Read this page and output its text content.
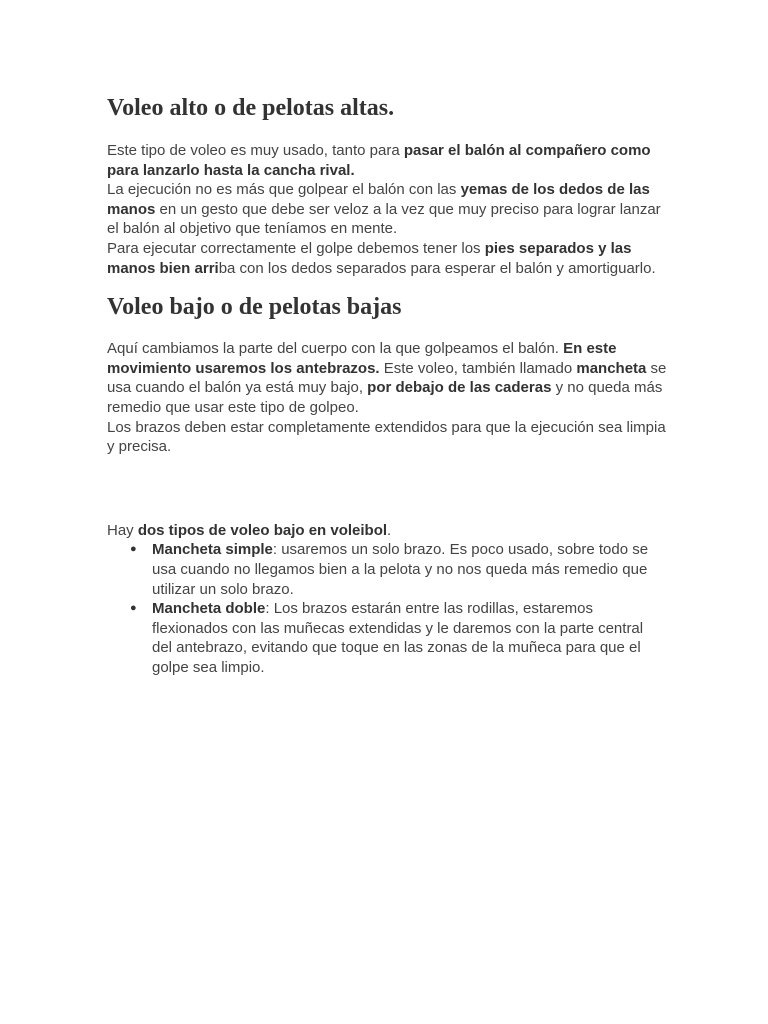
Voleo alto o de pelotas altas.

Este tipo de voleo es muy usado, tanto para pasar el balón al compañero como para lanzarlo hasta la cancha rival.

La ejecución no es más que golpear el balón con las yemas de los dedos de las manos en un gesto que debe ser veloz a la vez que muy preciso para lograr lanzar el balón al objetivo que teníamos en mente.

Para ejecutar correctamente el golpe debemos tener los pies separados y las manos bien arriba con los dedos separados para esperar el balón y amortiguarlo.

Voleo bajo o de pelotas bajas

Aquí cambiamos la parte del cuerpo con la que golpeamos el balón. En este movimiento usaremos los antebrazos. Este voleo, también llamado mancheta se usa cuando el balón ya está muy bajo, por debajo de las caderas y no queda más remedio que usar este tipo de golpeo.

Los brazos deben estar completamente extendidos para que la ejecución sea limpia y precisa.

Hay dos tipos de voleo bajo en voleibol.

● Mancheta simple: usaremos un solo brazo. Es poco usado, sobre todo se usa cuando no llegamos bien a la pelota y no nos queda más remedio que utilizar un solo brazo.
● Mancheta doble: Los brazos estarán entre las rodillas, estaremos flexionados con las muñecas extendidas y le daremos con la parte central del antebrazo, evitando que toque en las zonas de la muñeca para que el golpe sea limpio.
